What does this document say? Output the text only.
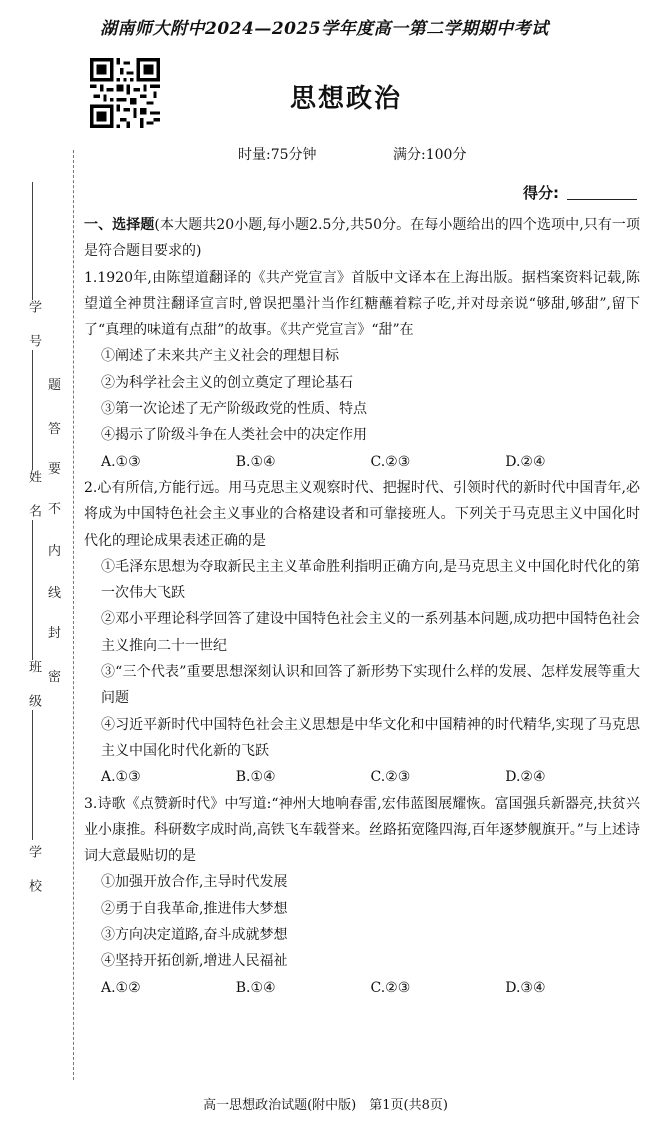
学　号
姓　名
班　级
学　校
题
答
要
不
内
线
封
密
湖南师大附中2024—2025学年度高一第二学期期中考试
思想政治
时量:75分钟	满分:100分
得分:

一、选择题(本大题共20小题,每小题2.5分,共50分。在每小题给出的四个选项中,只有一项是符合题目要求的)

1.1920年,由陈望道翻译的《共产党宣言》首版中文译本在上海出版。据档案资料记载,陈望道全神贯注翻译宣言时,曾误把墨汁当作红糖蘸着粽子吃,并对母亲说“够甜,够甜”,留下了“真理的味道有点甜”的故事。《共产党宣言》“甜”在

①阐述了未来共产主义社会的理想目标

②为科学社会主义的创立奠定了理论基石

③第一次论述了无产阶级政党的性质、特点

④揭示了阶级斗争在人类社会中的决定作用

A.①③	B.①④	C.②③	D.②④

2.心有所信,方能行远。用马克思主义观察时代、把握时代、引领时代的新时代中国青年,必将成为中国特色社会主义事业的合格建设者和可靠接班人。下列关于马克思主义中国化时代化的理论成果表述正确的是

①毛泽东思想为夺取新民主主义革命胜利指明正确方向,是马克思主义中国化时代化的第一次伟大飞跃

②邓小平理论科学回答了建设中国特色社会主义的一系列基本问题,成功把中国特色社会主义推向二十一世纪

③“三个代表”重要思想深刻认识和回答了新形势下实现什么样的发展、怎样发展等重大问题

④习近平新时代中国特色社会主义思想是中华文化和中国精神的时代精华,实现了马克思主义中国化时代化新的飞跃

A.①③	B.①④	C.②③	D.②④

3.诗歌《点赞新时代》中写道:“神州大地响春雷,宏伟蓝图展耀恢。富国强兵新器亮,扶贫兴业小康推。科研数字成时尚,高铁飞车载誉来。丝路拓宽隆四海,百年逐梦舰旗开。”与上述诗词大意最贴切的是

①加强开放合作,主导时代发展

②勇于自我革命,推进伟大梦想

③方向决定道路,奋斗成就梦想

④坚持开拓创新,增进人民福祉

A.①②	B.①④	C.②③	D.③④
高一思想政治试题(附中版)　第1页(共8页)
